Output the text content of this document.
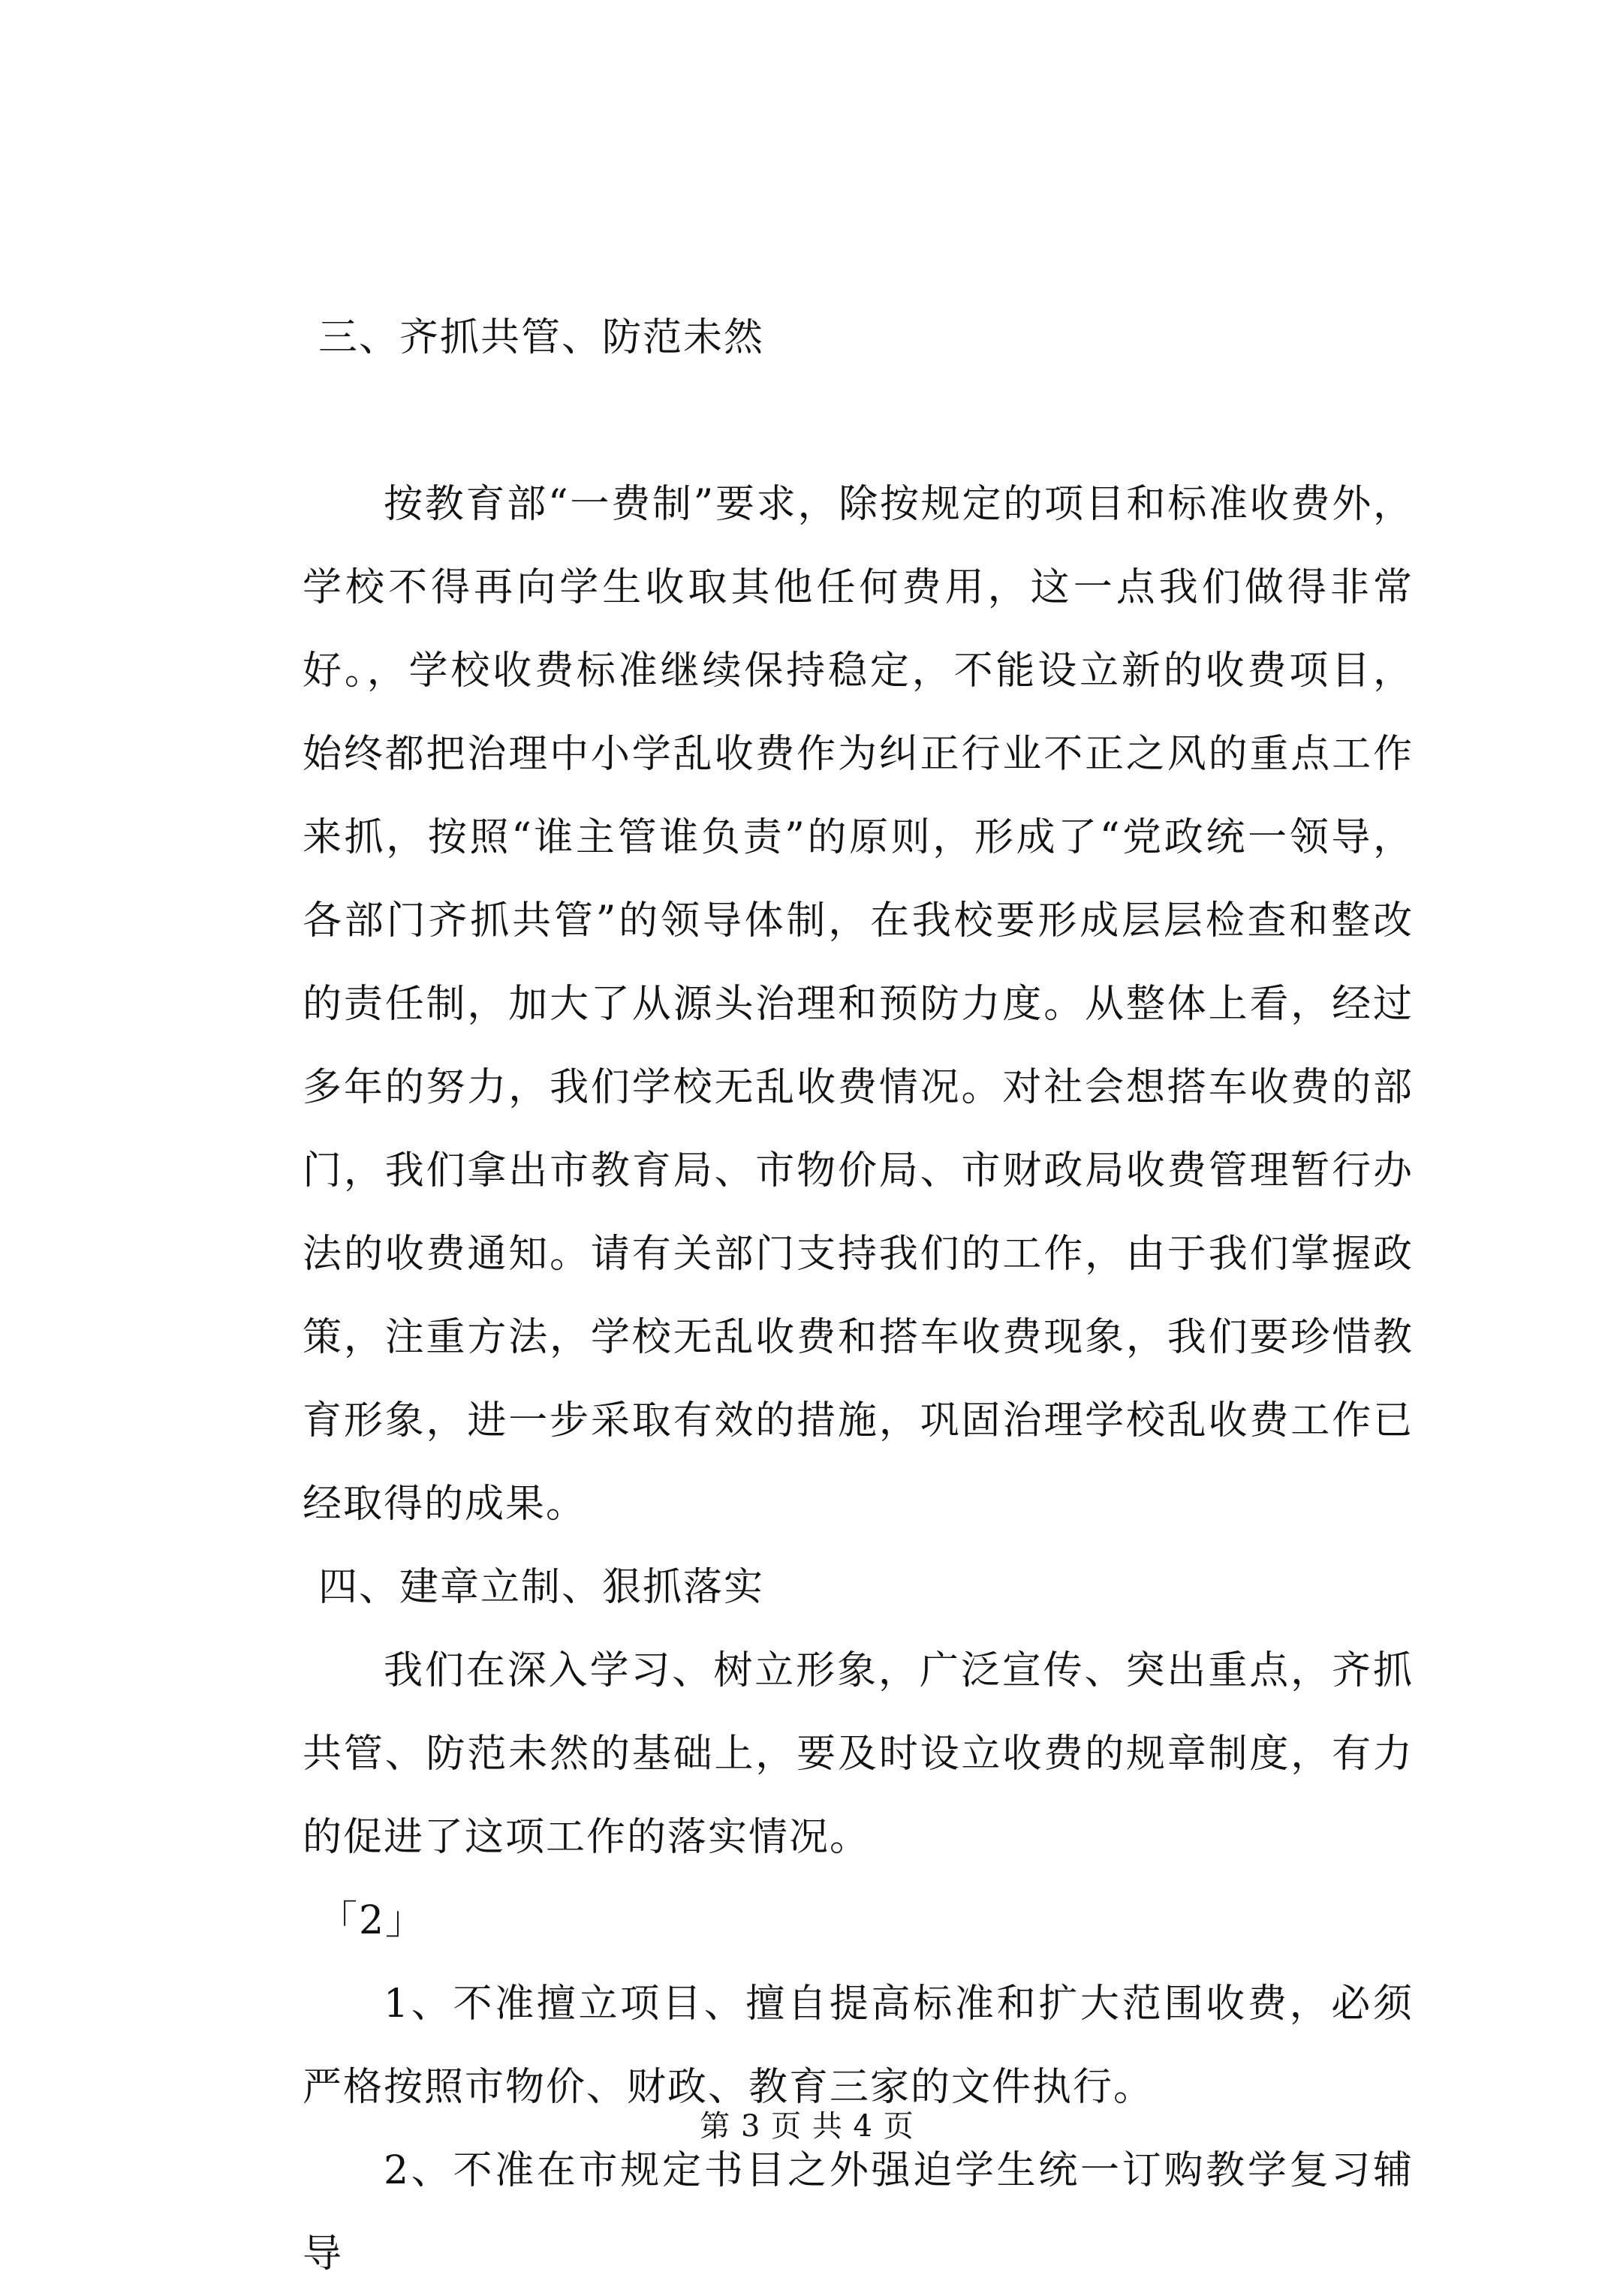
三、齐抓共管、防范未然

按教育部“一费制”要求，除按规定的项目和标准收费外，学校不得再向学生收取其他任何费用，这一点我们做得非常好。，学校收费标准继续保持稳定，不能设立新的收费项目，始终都把治理中小学乱收费作为纠正行业不正之风的重点工作来抓，按照“谁主管谁负责”的原则，形成了“党政统一领导，各部门齐抓共管”的领导体制，在我校要形成层层检查和整改的责任制，加大了从源头治理和预防力度。从整体上看，经过多年的努力，我们学校无乱收费情况。对社会想搭车收费的部门，我们拿出市教育局、市物价局、市财政局收费管理暂行办法的收费通知。请有关部门支持我们的工作，由于我们掌握政策，注重方法，学校无乱收费和搭车收费现象，我们要珍惜教育形象，进一步采取有效的措施，巩固治理学校乱收费工作已经取得的成果。

四、建章立制、狠抓落实

我们在深入学习、树立形象，广泛宣传、突出重点，齐抓共管、防范未然的基础上，要及时设立收费的规章制度，有力的促进了这项工作的落实情况。

「2」

1、不准擅立项目、擅自提高标准和扩大范围收费，必须严格按照市物价、财政、教育三家的文件执行。

2、不准在市规定书目之外强迫学生统一订购教学复习辅导

第 3 页 共 4 页
